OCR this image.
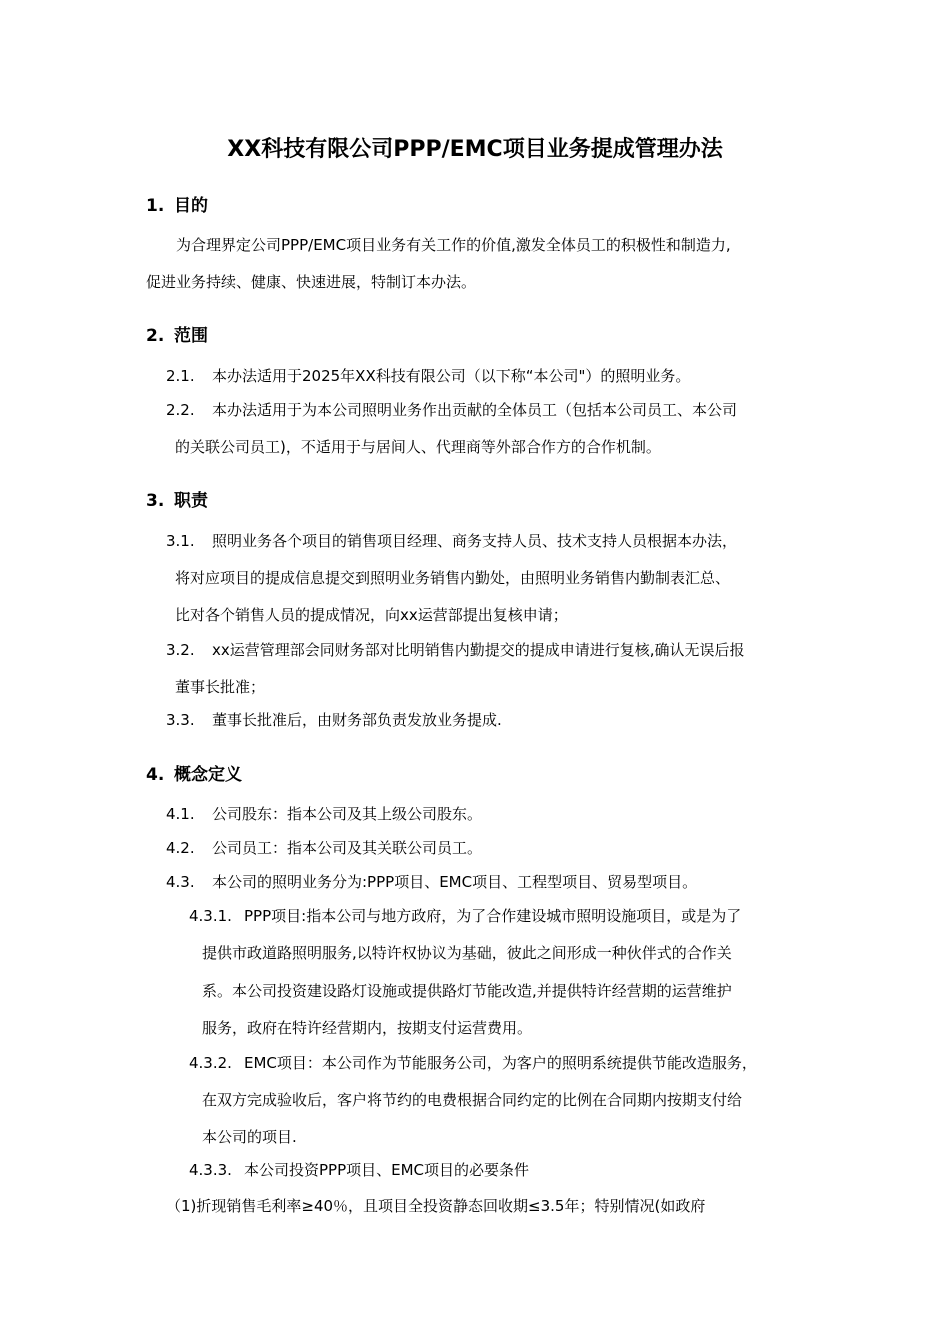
XX科技有限公司PPP/EMC项目业务提成管理办法
1. 目的
为合理界定公司PPP/EMC项目业务有关工作的价值,激发全体员工的积极性和制造力,
促进业务持续、健康、快速进展，特制订本办法。
2. 范围
2.1. 本办法适用于2025年XX科技有限公司（以下称“本公司"）的照明业务。
2.2. 本办法适用于为本公司照明业务作出贡献的全体员工（包括本公司员工、本公司
的关联公司员工)，不适用于与居间人、代理商等外部合作方的合作机制。
3. 职责
3.1. 照明业务各个项目的销售项目经理、商务支持人员、技术支持人员根据本办法，
将对应项目的提成信息提交到照明业务销售内勤处，由照明业务销售内勤制表汇总、
比对各个销售人员的提成情况，向xx运营部提出复核申请；
3.2. xx运营管理部会同财务部对比明销售内勤提交的提成申请进行复核,确认无误后报
董事长批准；
3.3. 董事长批准后，由财务部负责发放业务提成.
4. 概念定义
4.1. 公司股东：指本公司及其上级公司股东。
4.2. 公司员工：指本公司及其关联公司员工。
4.3. 本公司的照明业务分为:PPP项目、EMC项目、工程型项目、贸易型项目。
4.3.1. PPP项目:指本公司与地方政府，为了合作建设城市照明设施项目，或是为了
提供市政道路照明服务,以特许权协议为基础，彼此之间形成一种伙伴式的合作关
系。本公司投资建设路灯设施或提供路灯节能改造,并提供特许经营期的运营维护
服务，政府在特许经营期内，按期支付运营费用。
4.3.2. EMC项目：本公司作为节能服务公司，为客户的照明系统提供节能改造服务，
在双方完成验收后，客户将节约的电费根据合同约定的比例在合同期内按期支付给
本公司的项目.
4.3.3. 本公司投资PPP项目、EMC项目的必要条件
（1)折现销售毛利率≥40％，且项目全投资静态回收期≤3.5年；特别情况(如政府
